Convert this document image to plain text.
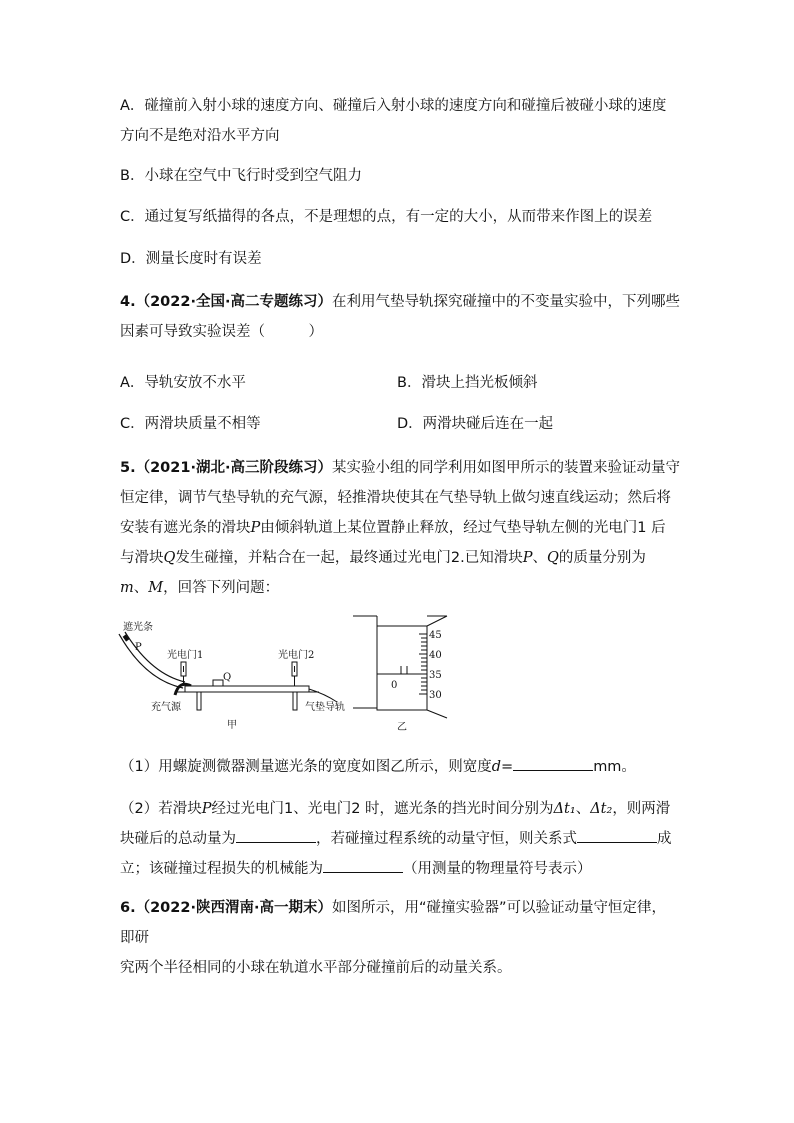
A．碰撞前入射小球的速度方向、碰撞后入射小球的速度方向和碰撞后被碰小球的速度
方向不是绝对沿水平方向
B．小球在空气中飞行时受到空气阻力
C．通过复写纸描得的各点，不是理想的点，有一定的大小，从而带来作图上的误差
D．测量长度时有误差
4.（2022·全国·高二专题练习）在利用气垫导轨探究碰撞中的不变量实验中，下列哪些
因素可导致实验误差（　　　）
A．导轨安放不水平	B．滑块上挡光板倾斜
C．两滑块质量不相等	D．两滑块碰后连在一起
5.（2021·湖北·高三阶段练习）某实验小组的同学利用如图甲所示的装置来验证动量守
恒定律，调节气垫导轨的充气源，轻推滑块使其在气垫导轨上做匀速直线运动；然后将
安装有遮光条的滑块P由倾斜轨道上某位置静止释放，经过气垫导轨左侧的光电门1 后
与滑块Q发生碰撞，并粘合在一起，最终通过光电门2.已知滑块P、Q的质量分别为
m、M，回答下列问题：
遮光条
P
充气源
光电门1	光电门2
Q
气垫导轨
甲
0
45
40
35
30
乙
（1）用螺旋测微器测量遮光条的宽度如图乙所示，则宽度d=	mm。
（2）若滑块P经过光电门1、光电门2 时，遮光条的挡光时间分别为Δt₁、Δt₂，则两滑
块碰后的总动量为	，若碰撞过程系统的动量守恒，则关系式	成
立；该碰撞过程损失的机械能为	（用测量的物理量符号表示）
6.（2022·陕西渭南·高一期末）如图所示，用“碰撞实验器”可以验证动量守恒定律，即研
究两个半径相同的小球在轨道水平部分碰撞前后的动量关系。
